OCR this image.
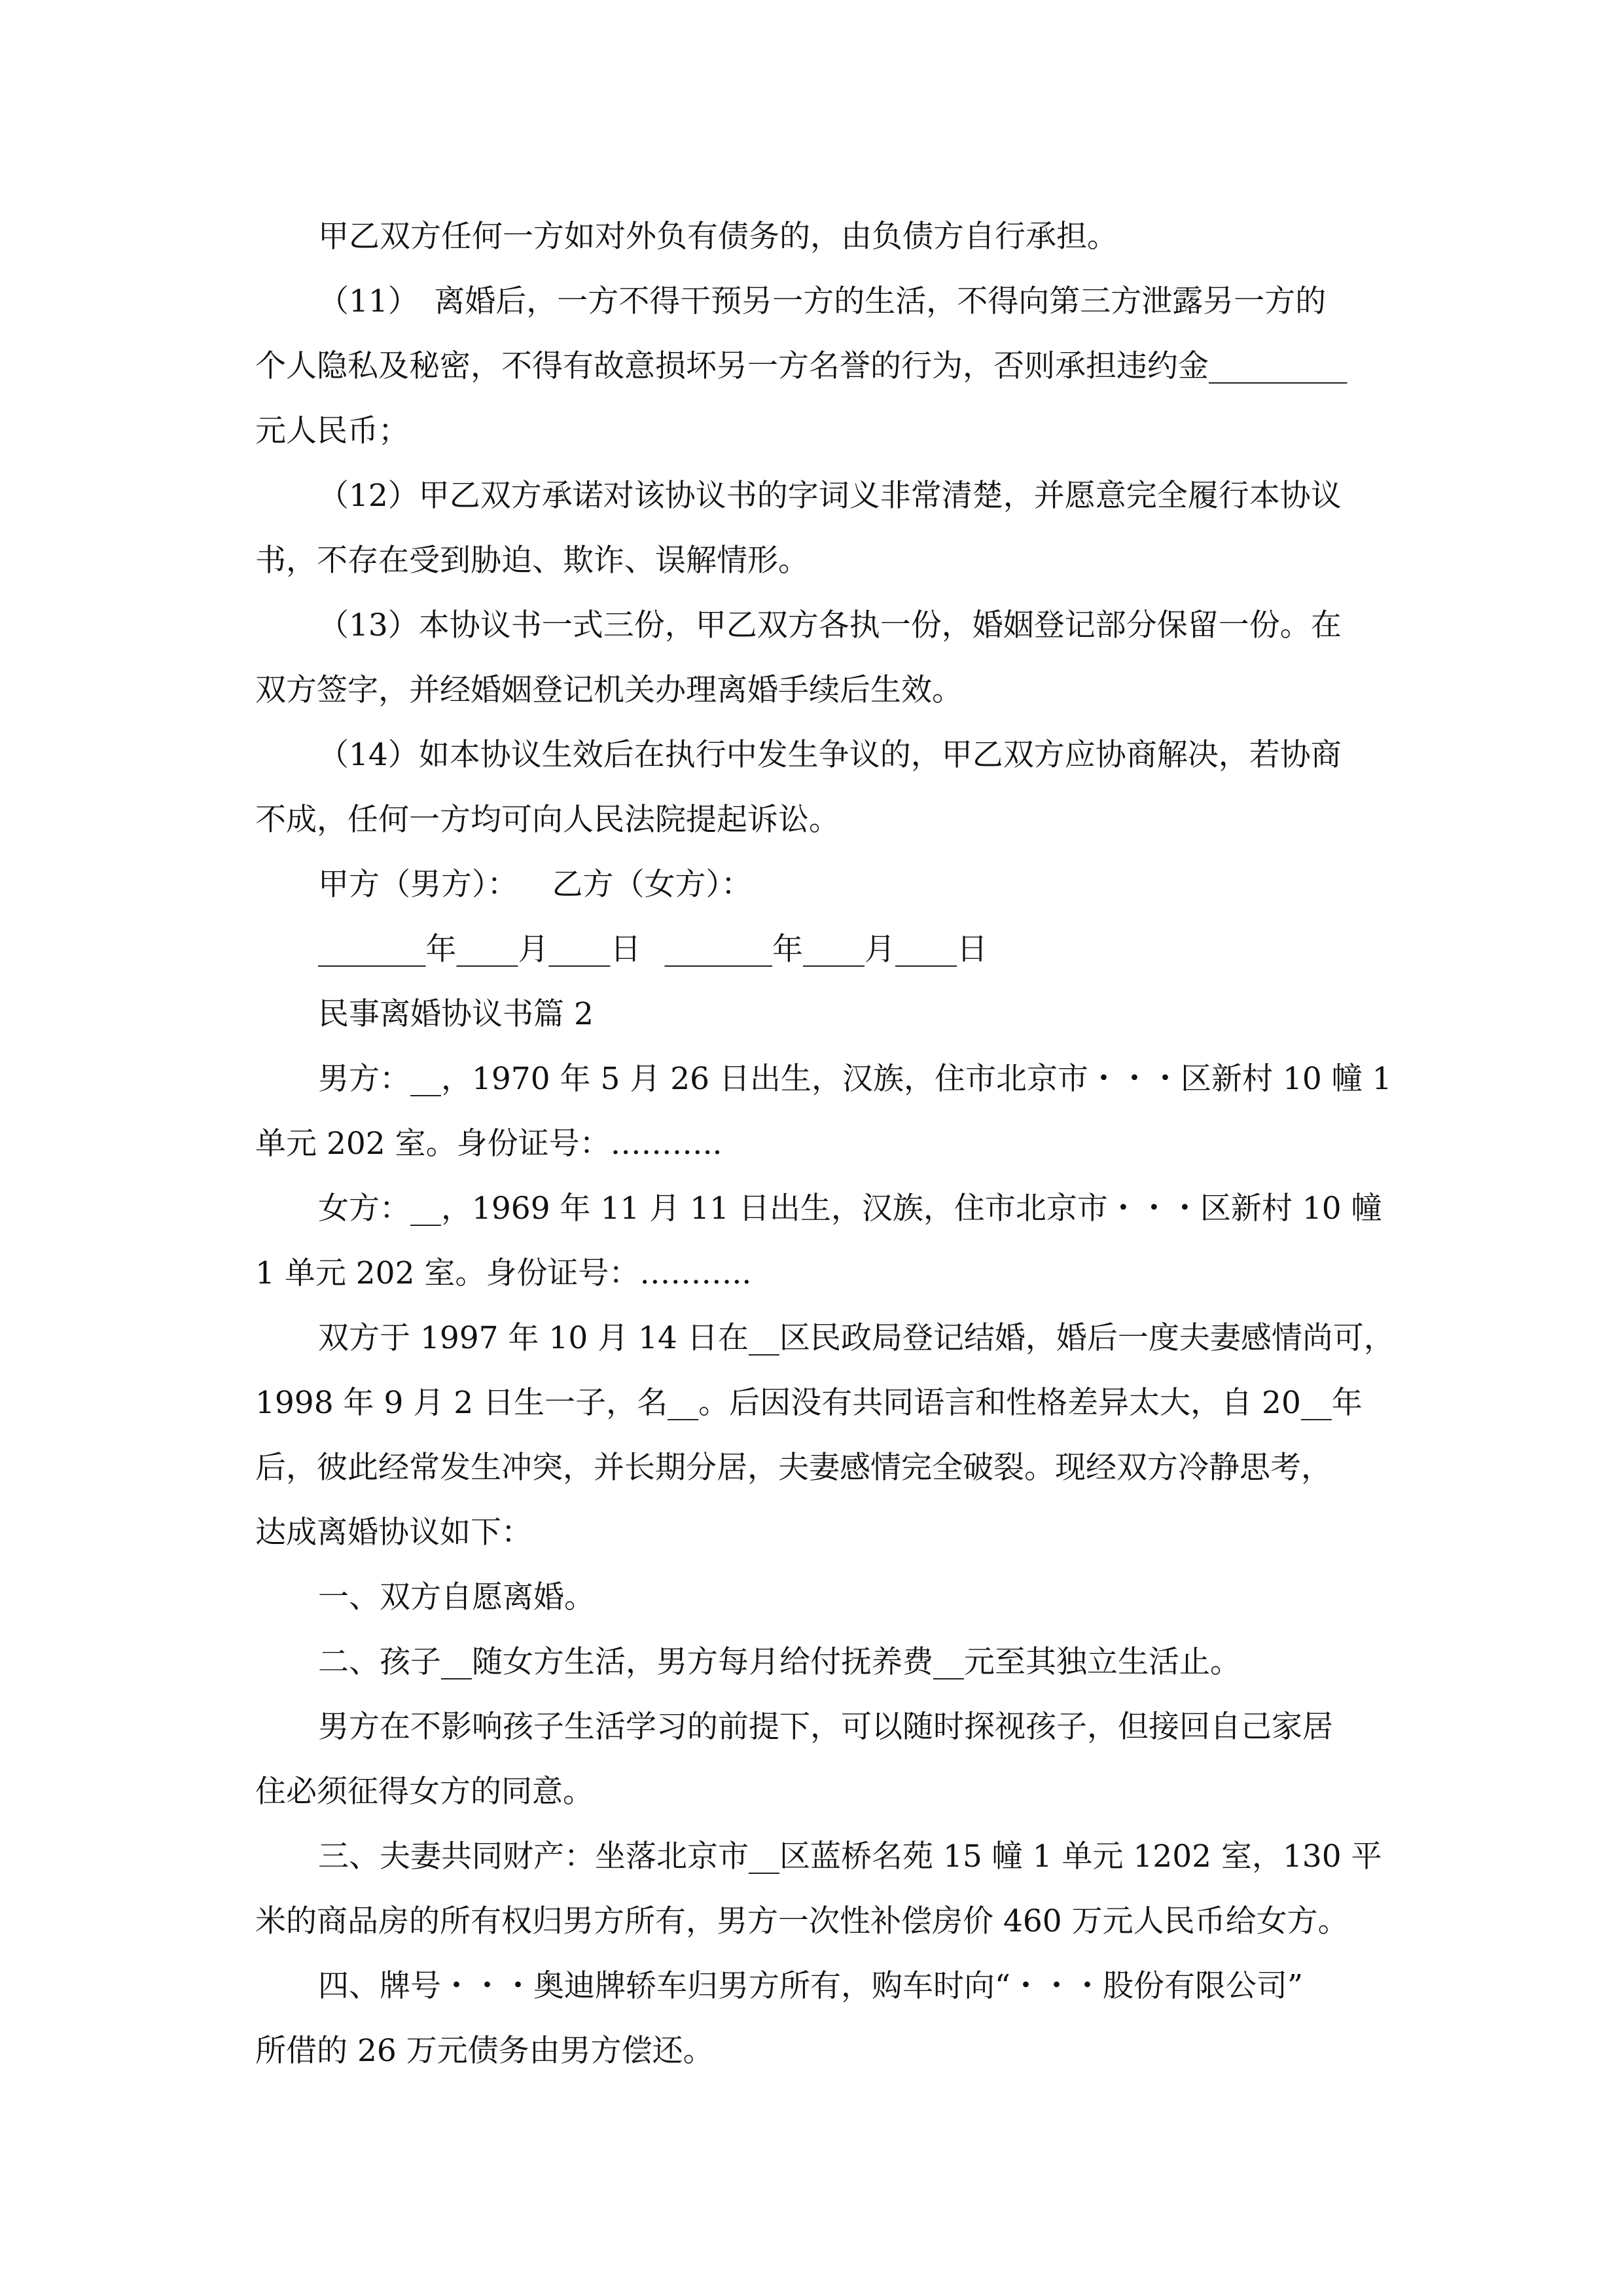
甲乙双方任何一方如对外负有债务的，由负债方自行承担。

（11）　离婚后，一方不得干预另一方的生活，不得向第三方泄露另一方的

个人隐私及秘密，不得有故意损坏另一方名誉的行为，否则承担违约金_________

元人民币；

（12）甲乙双方承诺对该协议书的字词义非常清楚，并愿意完全履行本协议

书，不存在受到胁迫、欺诈、误解情形。

（13）本协议书一式三份，甲乙双方各执一份，婚姻登记部分保留一份。在

双方签字，并经婚姻登记机关办理离婚手续后生效。

（14）如本协议生效后在执行中发生争议的，甲乙双方应协商解决，若协商

不成，任何一方均可向人民法院提起诉讼。

甲方（男方）： 乙方（女方）：

_______年____月____日 _______年____月____日

民事离婚协议书篇 2

男方：__，1970 年 5 月 26 日出生，汉族，住市北京市・・・区新村 10 幢 1

单元 202 室。身份证号：………..

女方：__，1969 年 11 月 11 日出生，汉族，住市北京市・・・区新村 10 幢

1 单元 202 室。身份证号：………..

双方于 1997 年 10 月 14 日在__区民政局登记结婚，婚后一度夫妻感情尚可，

1998 年 9 月 2 日生一子，名__。后因没有共同语言和性格差异太大，自 20__年

后，彼此经常发生冲突，并长期分居，夫妻感情完全破裂。现经双方冷静思考，

达成离婚协议如下：

一、双方自愿离婚。

二、孩子__随女方生活，男方每月给付抚养费__元至其独立生活止。

男方在不影响孩子生活学习的前提下，可以随时探视孩子，但接回自己家居

住必须征得女方的同意。

三、夫妻共同财产：坐落北京市__区蓝桥名苑 15 幢 1 单元 1202 室，130 平

米的商品房的所有权归男方所有，男方一次性补偿房价 460 万元人民币给女方。

四、牌号・・・奥迪牌轿车归男方所有，购车时向“・・・股份有限公司”

所借的 26 万元债务由男方偿还。
